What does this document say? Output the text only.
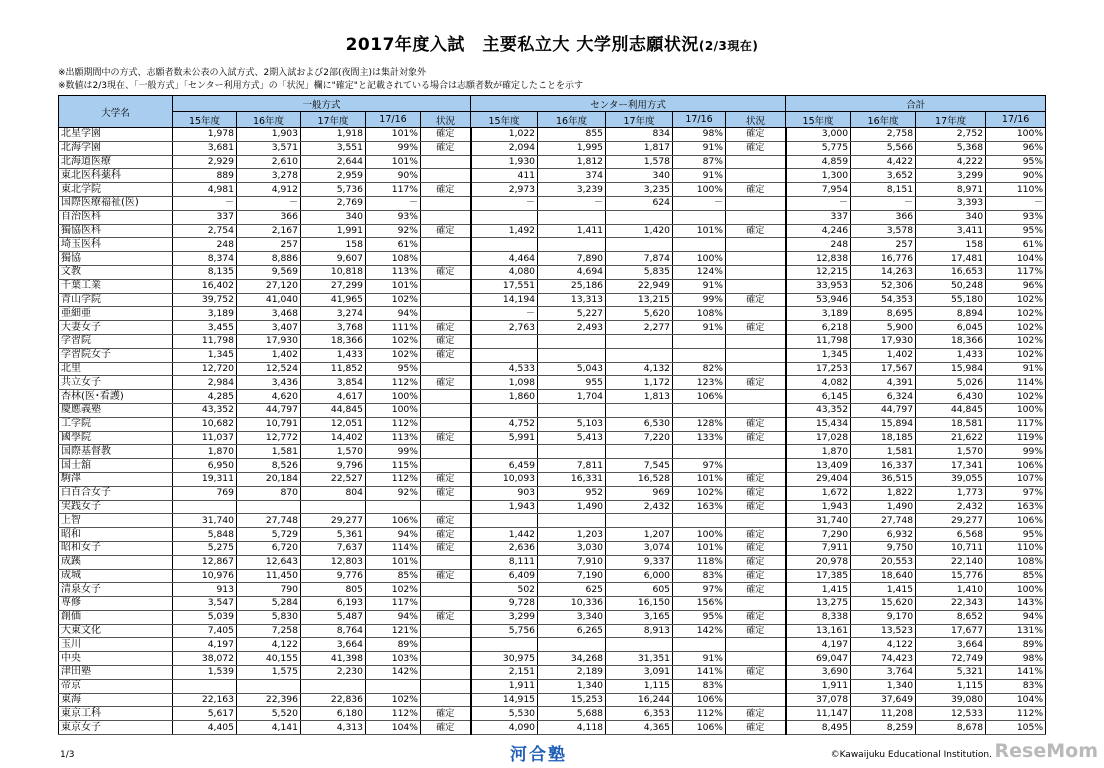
2017年度入試　主要私立大 大学別志願状況(2/3現在)
※出願期間中の方式、志願者数未公表の入試方式、2期入試および2部(夜間主)は集計対象外
※数値は2/3現在、「一般方式」「センター利用方式」の「状況」欄に"確定"と記載されている場合は志願者数が確定したことを示す
大学名	一般方式					センター利用方式					合計			
	15年度	16年度	17年度	17/16	状況	15年度	16年度	17年度	17/16	状況	15年度	16年度	17年度	17/16
北星学園	1,978	1,903	1,918	101%	確定	1,022	855	834	98%	確定	3,000	2,758	2,752	100%
北海学園	3,681	3,571	3,551	99%	確定	2,094	1,995	1,817	91%	確定	5,775	5,566	5,368	96%
北海道医療	2,929	2,610	2,644	101%		1,930	1,812	1,578	87%		4,859	4,422	4,222	95%
東北医科薬科	889	3,278	2,959	90%		411	374	340	91%		1,300	3,652	3,299	90%
東北学院	4,981	4,912	5,736	117%	確定	2,973	3,239	3,235	100%	確定	7,954	8,151	8,971	110%
国際医療福祉(医)	－	－	2,769	－		－	－	624	－		－	－	3,393	－
自治医科	337	366	340	93%							337	366	340	93%
獨協医科	2,754	2,167	1,991	92%	確定	1,492	1,411	1,420	101%	確定	4,246	3,578	3,411	95%
埼玉医科	248	257	158	61%							248	257	158	61%
獨協	8,374	8,886	9,607	108%		4,464	7,890	7,874	100%		12,838	16,776	17,481	104%
文教	8,135	9,569	10,818	113%	確定	4,080	4,694	5,835	124%		12,215	14,263	16,653	117%
千葉工業	16,402	27,120	27,299	101%		17,551	25,186	22,949	91%		33,953	52,306	50,248	96%
青山学院	39,752	41,040	41,965	102%		14,194	13,313	13,215	99%	確定	53,946	54,353	55,180	102%
亜細亜	3,189	3,468	3,274	94%		－	5,227	5,620	108%		3,189	8,695	8,894	102%
大妻女子	3,455	3,407	3,768	111%	確定	2,763	2,493	2,277	91%	確定	6,218	5,900	6,045	102%
学習院	11,798	17,930	18,366	102%	確定						11,798	17,930	18,366	102%
学習院女子	1,345	1,402	1,433	102%	確定						1,345	1,402	1,433	102%
北里	12,720	12,524	11,852	95%		4,533	5,043	4,132	82%		17,253	17,567	15,984	91%
共立女子	2,984	3,436	3,854	112%	確定	1,098	955	1,172	123%	確定	4,082	4,391	5,026	114%
杏林(医･看護)	4,285	4,620	4,617	100%		1,860	1,704	1,813	106%		6,145	6,324	6,430	102%
慶應義塾	43,352	44,797	44,845	100%							43,352	44,797	44,845	100%
工学院	10,682	10,791	12,051	112%		4,752	5,103	6,530	128%	確定	15,434	15,894	18,581	117%
國學院	11,037	12,772	14,402	113%	確定	5,991	5,413	7,220	133%	確定	17,028	18,185	21,622	119%
国際基督教	1,870	1,581	1,570	99%							1,870	1,581	1,570	99%
国士舘	6,950	8,526	9,796	115%		6,459	7,811	7,545	97%		13,409	16,337	17,341	106%
駒澤	19,311	20,184	22,527	112%	確定	10,093	16,331	16,528	101%	確定	29,404	36,515	39,055	107%
白百合女子	769	870	804	92%	確定	903	952	969	102%	確定	1,672	1,822	1,773	97%
実践女子						1,943	1,490	2,432	163%	確定	1,943	1,490	2,432	163%
上智	31,740	27,748	29,277	106%	確定						31,740	27,748	29,277	106%
昭和	5,848	5,729	5,361	94%	確定	1,442	1,203	1,207	100%	確定	7,290	6,932	6,568	95%
昭和女子	5,275	6,720	7,637	114%	確定	2,636	3,030	3,074	101%	確定	7,911	9,750	10,711	110%
成蹊	12,867	12,643	12,803	101%		8,111	7,910	9,337	118%	確定	20,978	20,553	22,140	108%
成城	10,976	11,450	9,776	85%	確定	6,409	7,190	6,000	83%	確定	17,385	18,640	15,776	85%
清泉女子	913	790	805	102%		502	625	605	97%	確定	1,415	1,415	1,410	100%
専修	3,547	5,284	6,193	117%		9,728	10,336	16,150	156%		13,275	15,620	22,343	143%
創価	5,039	5,830	5,487	94%	確定	3,299	3,340	3,165	95%	確定	8,338	9,170	8,652	94%
大東文化	7,405	7,258	8,764	121%		5,756	6,265	8,913	142%	確定	13,161	13,523	17,677	131%
玉川	4,197	4,122	3,664	89%							4,197	4,122	3,664	89%
中央	38,072	40,155	41,398	103%		30,975	34,268	31,351	91%		69,047	74,423	72,749	98%
津田塾	1,539	1,575	2,230	142%		2,151	2,189	3,091	141%	確定	3,690	3,764	5,321	141%
帝京						1,911	1,340	1,115	83%		1,911	1,340	1,115	83%
東海	22,163	22,396	22,836	102%		14,915	15,253	16,244	106%		37,078	37,649	39,080	104%
東京工科	5,617	5,520	6,180	112%	確定	5,530	5,688	6,353	112%	確定	11,147	11,208	12,533	112%
東京女子	4,405	4,141	4,313	104%	確定	4,090	4,118	4,365	106%	確定	8,495	8,259	8,678	105%
1/3	河合塾	©Kawaijuku Educational Institution. ReseMom
